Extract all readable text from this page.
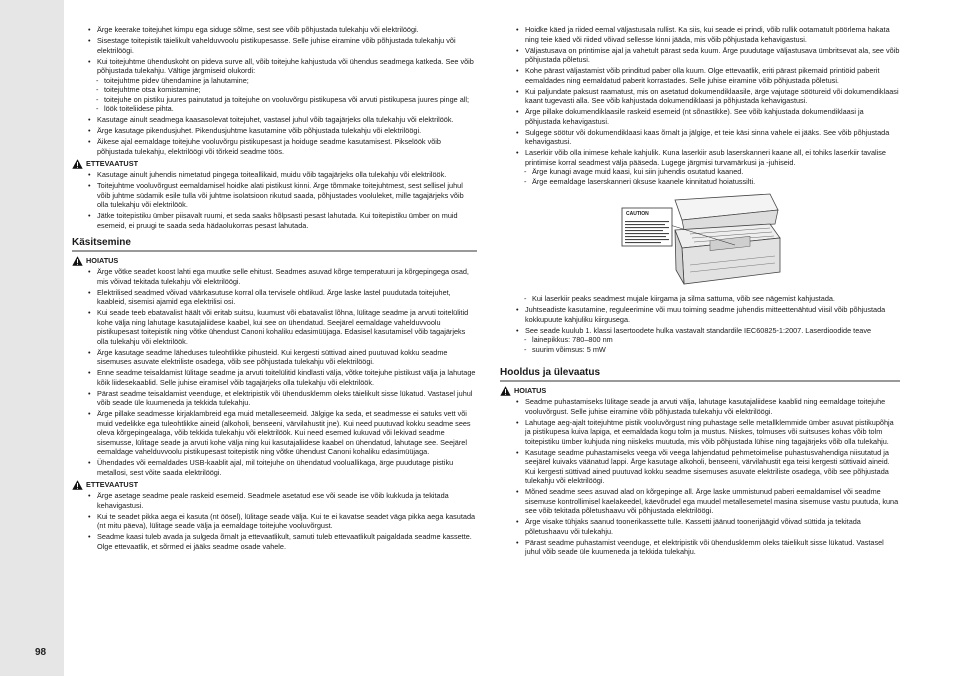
98
• Ärge keerake toitejuhet kimpu ega siduge sõlme, sest see võib põhjustada tulekahju või elektrilöögi.
• Sisestage toitepistik täielikult vahelduvvoolu pistikupesasse. Selle juhise eiramine võib põhjustada tulekahju või elektrilöögi.
• Kui toitejuhtme ühenduskoht on pideva surve all, võib toitejuhe kahjustuda või ühendus seadmega katkeda. See võib põhjustada tulekahju. Vältige järgmiseid olukordi:
- toitejuhtme pidev ühendamine ja lahutamine;
- toitejuhtme otsa komistamine;
- toitejuhe on pistiku juures painutatud ja toitejuhe on vooluvõrgu pistikupesa või arvuti pistikupesa juures pinge all;
- löök toiteliidese pihta.
• Kasutage ainult seadmega kaasasolevat toitejuhet, vastasel juhul võib tagajärjeks olla tulekahju või elektrilöök.
• Ärge kasutage pikendusjuhet. Pikendusjuhtme kasutamine võib põhjustada tulekahju või elektrilöögi.
• Äikese ajal eemaldage toitejuhe vooluvõrgu pistikupesast ja hoiduge seadme kasutamisest. Pikselöök võib põhjustada tulekahju, elektrilöögi või tõrkeid seadme töös.
ETTEVAATUST
• Kasutage ainult juhendis nimetatud pingega toiteallikaid, muidu võib tagajärjeks olla tulekahju või elektrilöök.
• Toitejuhtme vooluvõrgust eemaldamisel hoidke alati pistikust kinni. Ärge tõmmake toitejuhtmest, sest sellisel juhul võib juhtme südamik esile tulla või juhtme isolatsioon rikutud saada, põhjustades vooluleket, mille tagajärjeks võib olla tulekahju või elektrilöök.
• Jätke toitepistiku ümber piisavalt ruumi, et seda saaks hõlpsasti pesast lahutada. Kui toitepistiku ümber on muid esemeid, ei pruugi te saada seda hädaolukorras pesast lahutada.
Käsitsemine
HOIATUS
• Ärge võtke seadet koost lahti ega muutke selle ehitust. Seadmes asuvad kõrge temperatuuri ja kõrgepingega osad, mis võivad tekitada tulekahju või elektrilöögi.
• Elektrilised seadmed võivad väärkasutuse korral olla tervisele ohtlikud. Ärge laske lastel puudutada toitejuhet, kaableid, sisemisi ajamid ega elektrilisi osi.
• Kui seade teeb ebatavalist häält või eritab suitsu, kuumust või ebatavalist lõhna, lülitage seadme ja arvuti toitelülitid kohe välja ning lahutage kasutajaliidese kaabel, kui see on ühendatud. Seejärel eemaldage vahelduvvoolu pistikupesast toitepistik ning võtke ühendust Canoni kohaliku edasimüüjaga. Edasisel kasutamisel võib tagajärjeks olla tulekahju või elektrilöök.
• Ärge kasutage seadme läheduses tuleohtlikke pihusteid. Kui kergesti süttivad ained puutuvad kokku seadme sisemuses asuvate elektriliste osadega, võib see põhjustada tulekahju või elektrilöögi.
• Enne seadme teisaldamist lülitage seadme ja arvuti toitelülitid kindlasti välja, võtke toitejuhe pistikust välja ja lahutage kõik liidesekaablid. Selle juhise eiramisel võib tagajärjeks olla tulekahju või elektrilöök.
• Pärast seadme teisaldamist veenduge, et elektripistik või ühendusklemm oleks täielikult sisse lükatud. Vastasel juhul võib seade üle kuumeneda ja tekkida tulekahju.
• Ärge pillake seadmesse kirjaklambreid ega muid metalleseemeid. Jälgige ka seda, et seadmesse ei satuks vett või muid vedelikke ega tuleohtlikke aineid (alkoholi, benseeni, värvilahustit jne). Kui need puutuvad kokku seadme sees oleva kõrgepingealaga, võib tekkida tulekahju või elektrilöök. Kui need esemed kukuvad või lekivad seadme sisemusse, lülitage seade ja arvuti kohe välja ning kui kasutajaliidese kaabel on ühendatud, lahutage see. Seejärel eemaldage vahelduvvoolu pistikupesast toitepistik ning võtke ühendust Canoni kohaliku edasimüüjaga.
• Ühendades või eemaldades USB-kaablit ajal, mil toitejuhe on ühendatud vooluallikaga, ärge puudutage pistiku metallosi, sest võite saada elektrilöögi.
ETTEVAATUST
• Ärge asetage seadme peale raskeid esemeid. Seadmele asetatud ese või seade ise võib kukkuda ja tekitada kehavigastusi.
• Kui te seadet pikka aega ei kasuta (nt öösel), lülitage seade välja. Kui te ei kavatse seadet väga pikka aega kasutada (nt mitu päeva), lülitage seade välja ja eemaldage toitejuhe vooluvõrgust.
• Seadme kaasi tuleb avada ja sulgeda õrnalt ja ettevaatlikult, samuti tuleb ettevaatlikult paigaldada seadme kassette. Olge ettevaatlik, et sõrmed ei jääks seadme osade vahele.
• Hoidke käed ja riided eemal väljastusala rullist. Ka siis, kui seade ei prindi, võib rullik ootamatult pöörlema hakata ning teie käed või riided võivad sellesse kinni jääda, mis võib põhjustada kehavigastusi.
• Väljastusava on printimise ajal ja vahetult pärast seda kuum. Ärge puudutage väljastusava ümbritsevat ala, see võib põhjustada põletusi.
• Kohe pärast väljastamist võib prinditud paber olla kuum. Olge ettevaatlik, eriti pärast pikemaid printiöid paberit eemaldades ning eemaldatud paberit korrastades. Selle juhise eiramine võib põhjustada põletusi.
• Kui paljundate paksust raamatust, mis on asetatud dokumendiklaasile, ärge vajutage söötureid või dokumendiklaasi kaant tugevasti alla. See võib kahjustada dokumendiklaasi ja põhjustada kehavigastusi.
• Ärge pillake dokumendiklaasile raskeid esemeid (nt sõnastikke). See võib kahjustada dokumendiklaasi ja põhjustada kehavigastusi.
• Sulgege söötur või dokumendiklaasi kaas õrnalt ja jälgige, et teie käsi sinna vahele ei jääks. See võib põhjustada kehavigastusi.
• Laserkiir võib olla inimese kehale kahjulik. Kuna laserkiir asub laserskanneri kaane all, ei tohiks laserkiir tavalise printimise korral seadmest välja pääseda. Lugege järgmisi turvamärkusi ja -juhiseid.
- Ärge kunagi avage muid kaasi, kui siin juhendis osutatud kaaned.
- Ärge eemaldage laserskanneri üksuse kaanele kinnitatud hoiatussilti.
CAUTION
- Kui laserkiir peaks seadmest mujale kiirgama ja silma sattuma, võib see nägemist kahjustada.
• Juhtseadiste kasutamine, reguleerimine või muu toiming seadme juhendis mitteettenähtud viisil võib põhjustada kokkupuute kahjuliku kiirgusega.
• See seade kuulub 1. klassi lasertoodete hulka vastavalt standardile IEC60825-1:2007. Laserdioodide teave
- lainepikkus: 780–800 nm
- suurim võimsus: 5 mW
Hooldus ja ülevaatus
HOIATUS
• Seadme puhastamiseks lülitage seade ja arvuti välja, lahutage kasutajaliidese kaablid ning eemaldage toitejuhe vooluvõrgust. Selle juhise eiramine võib põhjustada tulekahju või elektrilöögi.
• Lahutage aeg-ajalt toitejuhtme pistik vooluvõrgust ning puhastage selle metallklemmide ümber asuvat pistikupõhja ja pistikupesa kuiva lapiga, et eemaldada kogu tolm ja mustus. Niiskes, tolmuses või suitsuses kohas võib tolm toitepistiku ümber kuhjuda ning niiskeks muutuda, mis võib põhjustada lühise ning tagajärjeks võib olla tulekahju.
• Kasutage seadme puhastamiseks veega või veega lahjendatud pehmetoimelise puhastusvahendiga niisutatud ja seejärel kuivaks väänatud lappi. Ärge kasutage alkoholi, benseeni, värvilahustit ega teisi kergesti süttivaid aineid. Kui kergesti süttivad ained puutuvad kokku seadme sisemuses asuvate elektriliste osadega, võib see põhjustada tulekahju või elektrilöögi.
• Mõned seadme sees asuvad alad on kõrgepinge all. Ärge laske ummistunud paberi eemaldamisel või seadme sisemuse kontrollimisel kaelakeedel, käevõrudel ega muudel metallesemetel masina sisemuse vastu puutuda, kuna see võib tekitada põletushaavu või põhjustada elektrilöögi.
• Ärge visake tühjaks saanud toonerikassette tulle. Kassetti jäänud toonerijäägid võivad süttida ja tekitada põletushaavu või tulekahju.
• Pärast seadme puhastamist veenduge, et elektripistik või ühendusklemm oleks täielikult sisse lükatud. Vastasel juhul võib seade üle kuumeneda ja tekkida tulekahju.
